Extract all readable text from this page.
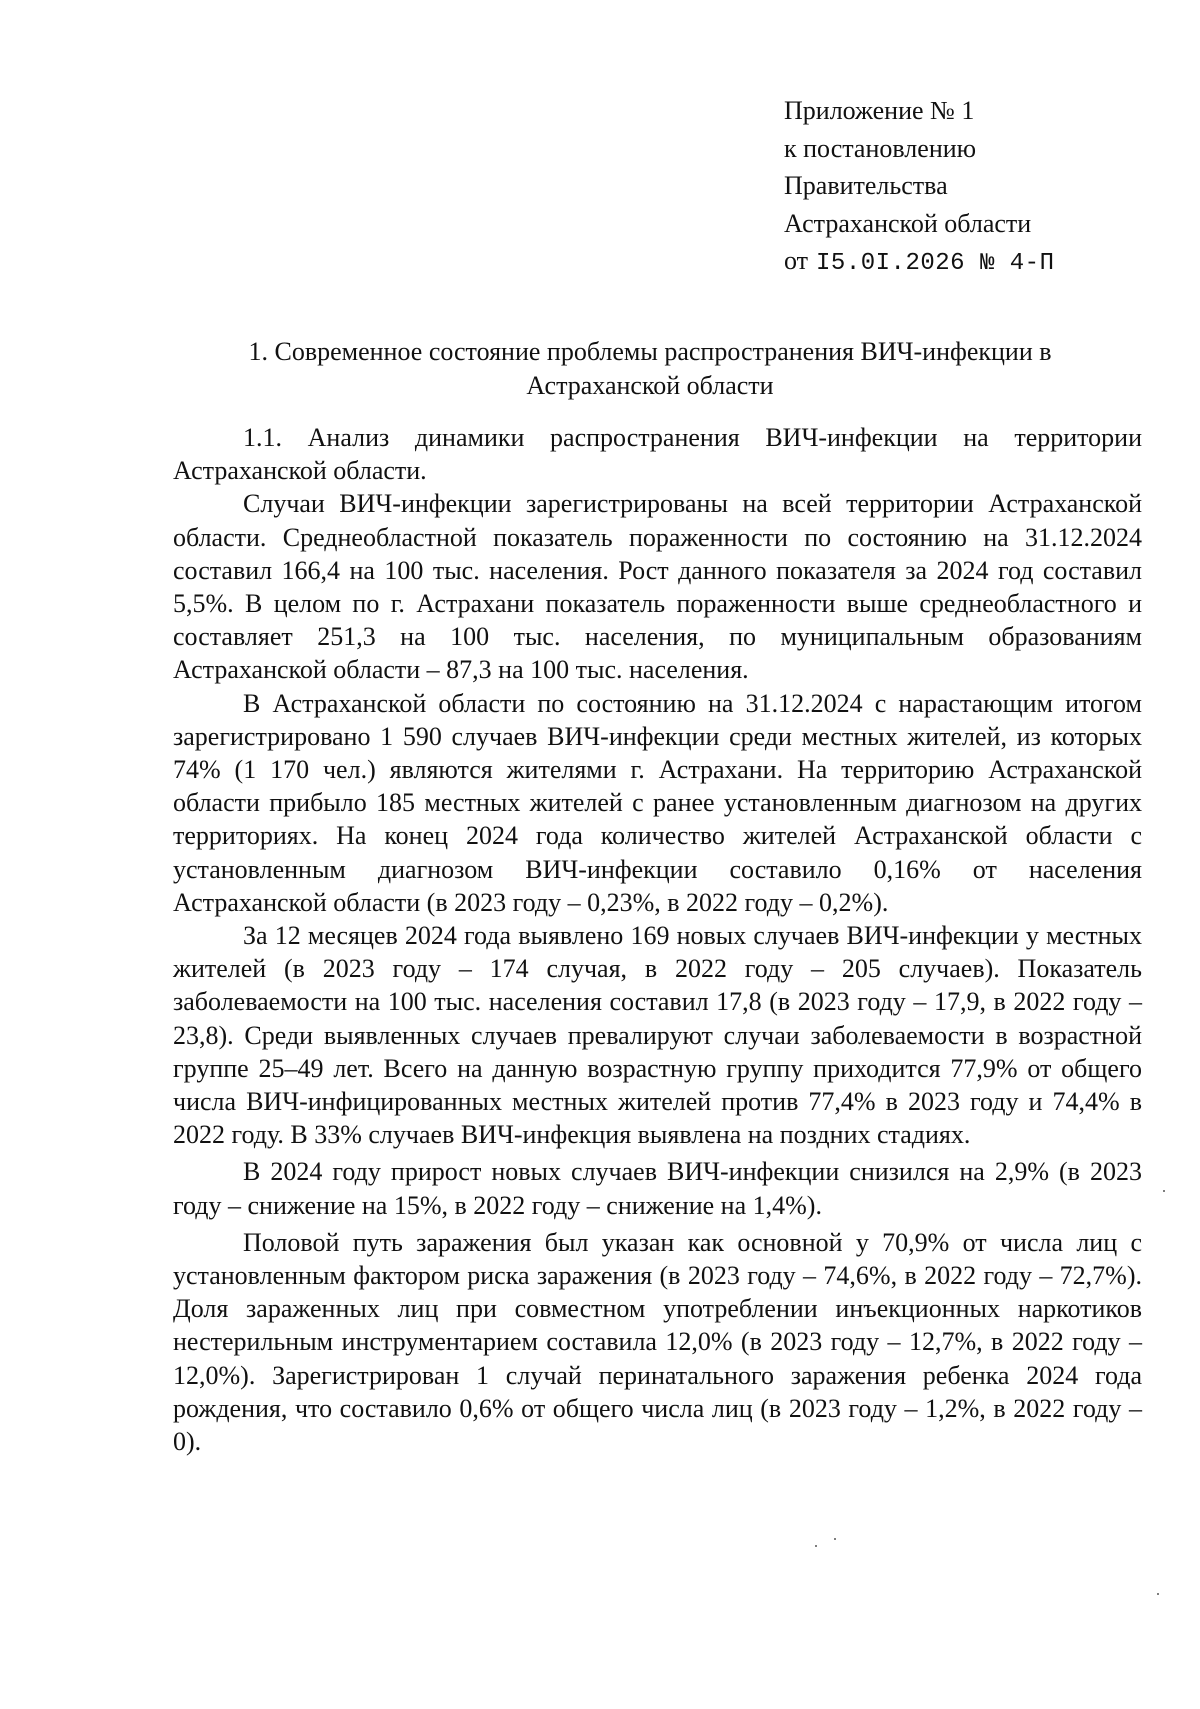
Приложение № 1
к постановлению
Правительства
Астраханской области
от I5.0I.2026 № 4-П
1. Современное состояние проблемы распространения ВИЧ-инфекции в Астраханской области

1.1. Анализ динамики распространения ВИЧ-инфекции на территории Астраханской области.

Случаи ВИЧ-инфекции зарегистрированы на всей территории Астраханской области. Среднеобластной показатель пораженности по состоянию на 31.12.2024 составил 166,4 на 100 тыс. населения. Рост данного показателя за 2024 год составил 5,5%. В целом по г. Астрахани показатель пораженности выше среднеобластного и составляет 251,3 на 100 тыс. населения, по муниципальным образованиям Астраханской области – 87,3 на 100 тыс. населения.

В Астраханской области по состоянию на 31.12.2024 с нарастающим итогом зарегистрировано 1 590 случаев ВИЧ-инфекции среди местных жителей, из которых 74% (1 170 чел.) являются жителями г. Астрахани. На территорию Астраханской области прибыло 185 местных жителей с ранее установленным диагнозом на других территориях. На конец 2024 года количество жителей Астраханской области с установленным диагнозом ВИЧ-инфекции составило 0,16% от населения Астраханской области (в 2023 году – 0,23%, в 2022 году – 0,2%).

За 12 месяцев 2024 года выявлено 169 новых случаев ВИЧ-инфекции у местных жителей (в 2023 году – 174 случая, в 2022 году – 205 случаев). Показатель заболеваемости на 100 тыс. населения составил 17,8 (в 2023 году – 17,9, в 2022 году – 23,8). Среди выявленных случаев превалируют случаи заболеваемости в возрастной группе 25–49 лет. Всего на данную возрастную группу приходится 77,9% от общего числа ВИЧ-инфицированных местных жителей против 77,4% в 2023 году и 74,4% в 2022 году. В 33% случаев ВИЧ-инфекция выявлена на поздних стадиях.

В 2024 году прирост новых случаев ВИЧ-инфекции снизился на 2,9% (в 2023 году – снижение на 15%, в 2022 году – снижение на 1,4%).

Половой путь заражения был указан как основной у 70,9% от числа лиц с установленным фактором риска заражения (в 2023 году – 74,6%, в 2022 году – 72,7%). Доля зараженных лиц при совместном употреблении инъекционных наркотиков нестерильным инструментарием составила 12,0% (в 2023 году – 12,7%, в 2022 году – 12,0%). Зарегистрирован 1 случай перинатального заражения ребенка 2024 года рождения, что составило 0,6% от общего числа лиц (в 2023 году – 1,2%, в 2022 году – 0).
